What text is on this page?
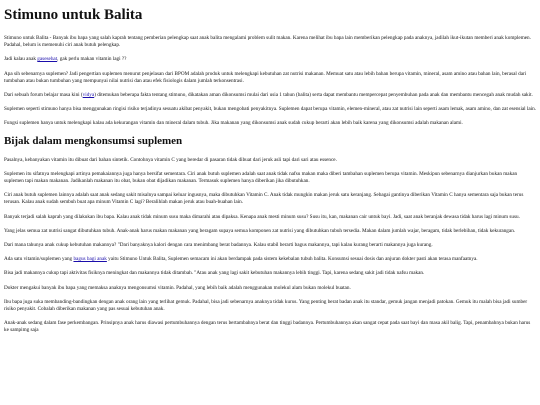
Stimuno untuk Balita

Stimuno untuk Balita - Banyak ibu bapa yang salah kaprah tentang pemberian pelengkap saat anak balita mengalami problem sulit makan. Karena melihat ibu bapa lain memberikan pelengkap pada anaknya, jadilah ikut-ikutan memberi anak komplemen. Padahal, belum is memenuhi ciri anak butuh pelengkap.

Jadi kalau anak gasesehat, gak perlu makan vitamin lagi ??

Apa sih sebenarnya suplemen? Jadi pengertian suplemen menurut penjelasan dari BPOM adalah produk untuk melengkapi kebutuhan zat nutrisi makanan. Memuat satu atau lebih bahan berupa vitamin, mineral, asam amino atau bahan lain, berasal dari tumbuhan atau bukan tumbuhan yang mempunyai nilai nutrisi dan atau efek fisiologis dalam jumlah terkonsentrasi.

Dari sebuah forum belajar masa kini (vidya) ditemukan beberapa fakta tentang stimuno, dikatakan aman dikonsumsi mulai dari usia 1 tahun (balita) serta dapat membantu mempercepat penyembuhan pada anak dan membantu mencegah anak mudah sakit.

Suplemen seperti stimuno hanya bisa menggunakan ringisi risiko terjadinya sesuatu akibat penyakit, bukan mengobati penyakitnya. Suplemen dapat berupa vitamin, elemen-mineral, atau zat nutrisi lain seperti asam lemak, asam amino, dan zat esensial lain.

Fungsi suplemen hanya untuk melengkapi kalau ada kekurangan vitamin dan mineral dalam tubuh. Jika makanan yang dikonsumsi anak sudah cukup berarti akan lebih baik karena yang dikonsumsi adalah makanan alami.

Bijak dalam mengkonsumsi suplemen

Pasalnya, kebanyakan vitamin itu dibuat dari bahan sintetik. Contohnya vitamin C yang beredar di pasaran tidak dibuat dari jeruk asli tapi dari sari atau essence.

Suplemen itu sifatnya melengkapi artinya pemakaiannya juga hanya bersifat sementara. Ciri anak butuh suplemen adalah saat anak tidak nafsu makan maka diberi tambahan suplemen berupa vitamin. Meskipun sebenarnya dianjurkan bukan makan suplemen tapi makan makanan. Jadikanlah makanan itu obat, bukan obat dijadikan makanan. Termasuk suplemen hanya diberikan jika dibutuhkan.

Ciri anak butuh suplemen lainnya adalah saat anak sedang sakit misalnya sampai keluar ingusnya, maka dibutuhkan Vitamin C. Anak tidak mungkin makan jeruk satu keranjang. Sebagai gantinya diberikan Vitamin C hanya sementara saja bukan terus terusan. Kalau anak sudah sembuh buat apa minum Vitamin C lagi? Beralihlah makan jeruk atau buah-buahan lain.

Banyak terjadi salah kaprah yang dilakukan ibu bapa. Kalau anak tidak minum susu maka dimarahi atau dipaksa. Kenapa anak mesti minum susu? Susu itu, kan, makanan cair untuk bayi. Jadi, saat anak beranjak dewasa tidak harus lagi minum susu.

Yang jelas semua zat nutrisi sangat dibutuhkan tubuh. Anak-anak harus makan makanan yang beragam supaya semua komponen zat nutrisi yang dibutuhkan tubuh tersedia. Makan dalam jumlah wajar, beragam, tidak berlebihan, tidak kekurangan.

Dari mana tahunya anak cukup kebutuhan makannya? "Dari banyaknya kalori dengan cara menimbang berat badannya. Kalau stabil berarti bagus makannya, tapi kalau kurang berarti makannya juga kurang.

Ada satu vitamin/suplemen yang bagus bagi anak yaitu Stimuno Untuk Balita, Suplemen semacam ini akan berdampak pada sistem kekebalan tubuh balita. Konsumsi sesuai dosis dan anjuran dokter pasti akan terasa manfaatnya.

Bisa jadi makannya cukup tapi aktivitas fisiknya meningkat dan makannya tidak ditambah. "Atau anak yang lagi sakit kebutuhan makannya lebih tinggi. Tapi, karena sedang sakit jadi tidak nafsu makan.

Dokter mengakui banyak ibu bapa yang memaksa anaknya mengonsumsi vitamin. Padahal, yang lebih baik adalah menggunakan molekul alam bukan molekul buatan.

Ibu bapa juga suka membanding-bandingkan dengan anak orang lain yang terlihat gemuk. Padahal, bisa jadi sebenarnya anaknya tidak kurus. Yang penting berat badan anak itu standar, gemuk jangan menjadi patokan. Gemuk itu malah bisa jadi sumber risiko penyakit. Cobalah diberikan makanan yang pas sesuai kebutuhan anak.

Anak-anak sedang dalam fase perkembangan. Prinsipnya anak harus diawasi pertumbuhannya dengan terus bertambahnya berat dan tinggi badannya. Pertumbuhannya akan sangat cepat pada saat bayi dan masa akil balig. Tapi, penambahnya bukan harus ke sampimg saja
